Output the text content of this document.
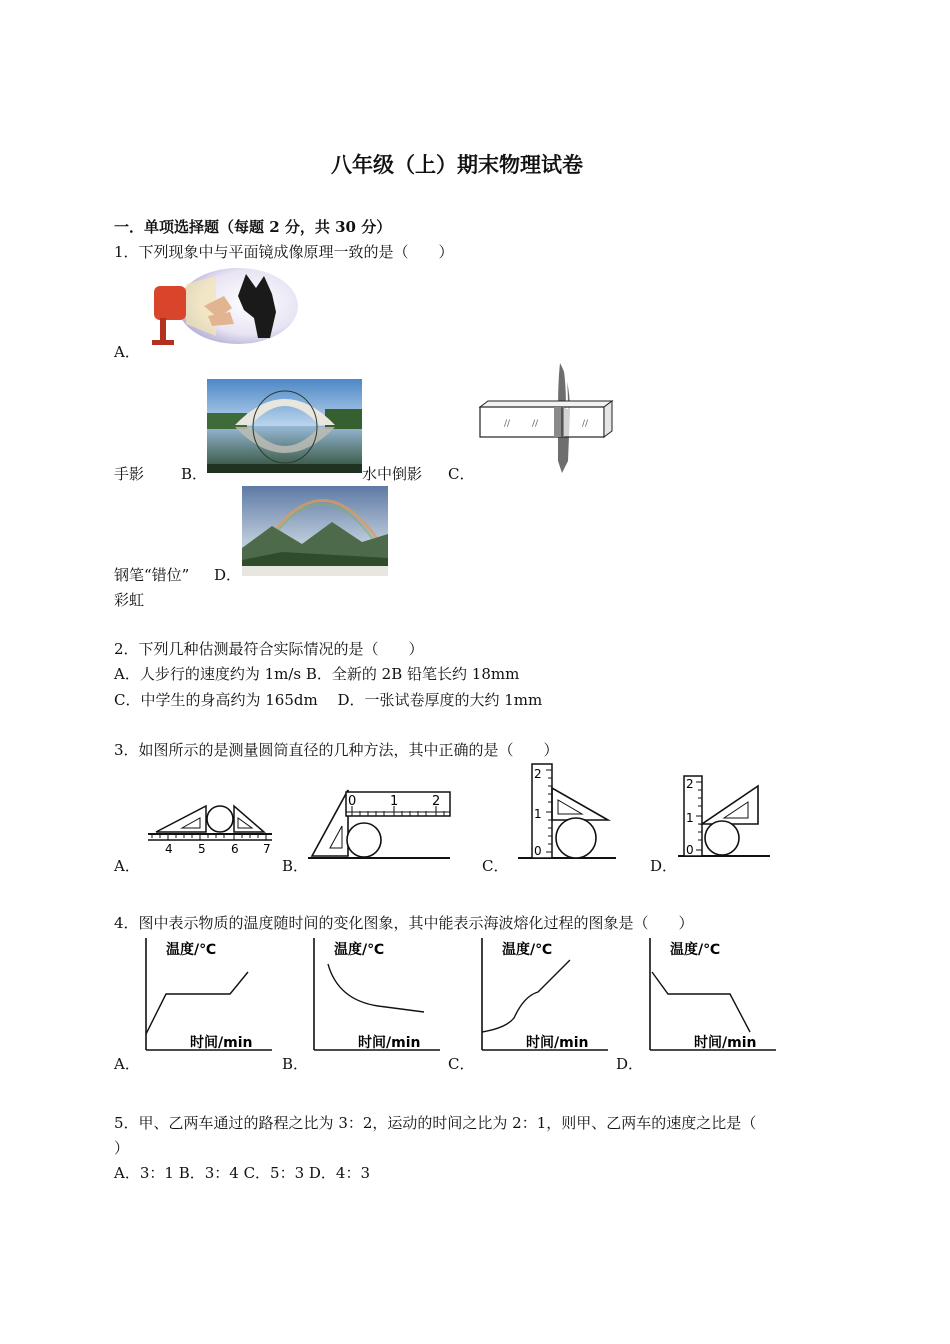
八年级（上）期末物理试卷
一．单项选择题（每题 2 分，共 30 分）
1．下列现象中与平面镜成像原理一致的是（　　）
A．
手影 B．	水中倒影 C．
// //	//
钢笔“错位” D．
彩虹
2．下列几种估测最符合实际情况的是（　　）
A．人步行的速度约为 1m/s B．全新的 2B 铅笔长约 18mm
C．中学生的身高约为 165dm　 D．一张试卷厚度的大约 1mm
3．如图所示的是测量圆筒直径的几种方法，其中正确的是（　　）
4 5 6 7
A．
0	1	2
B．
2
1
0
C．
2
1
0
D．
4．图中表示物质的温度随时间的变化图象，其中能表示海波熔化过程的图象是（　　）
温度/℃
时间/min
A．
温度/℃
时间/min
B．
温度/℃
时间/min
C．
温度/℃
时间/min
D．
5．甲、乙两车通过的路程之比为 3：2，运动的时间之比为 2：1，则甲、乙两车的速度之比是（
）
A．3：1 B．3：4 C．5：3 D．4：3
